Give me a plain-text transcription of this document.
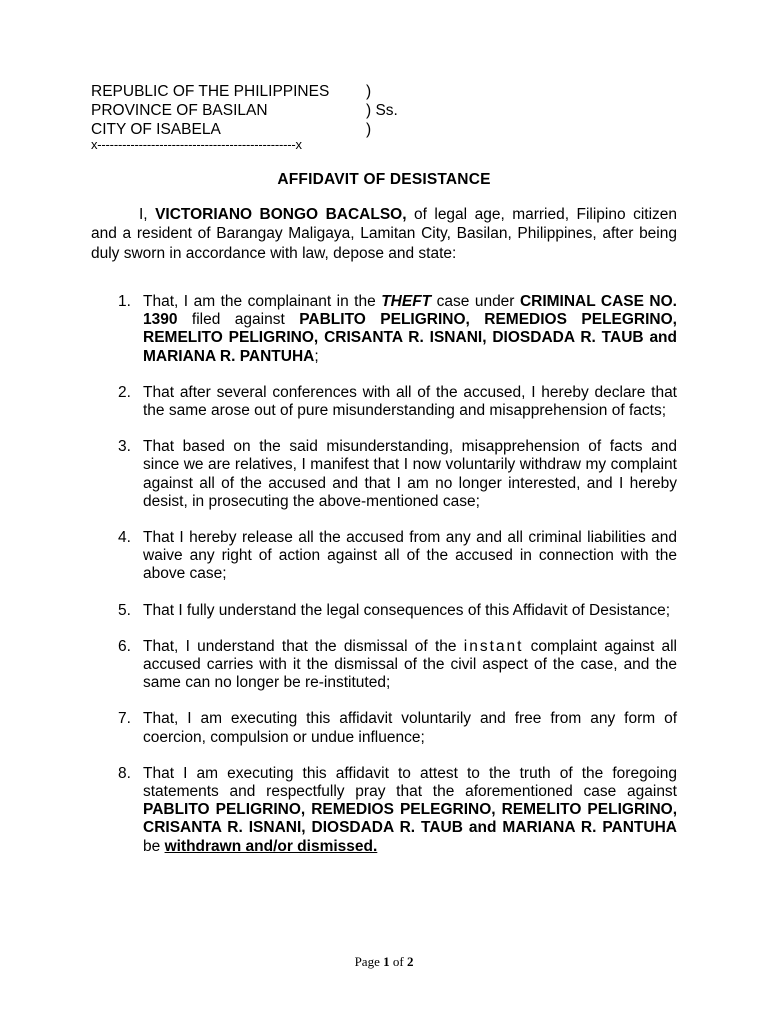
REPUBLIC OF THE PHILIPPINES )
PROVINCE OF BASILAN	) Ss.
CITY OF ISABELA	)
x------------------------------------------------x
AFFIDAVIT OF DESISTANCE

I, VICTORIANO BONGO BACALSO, of legal age, married, Filipino citizen and a resident of Barangay Maligaya, Lamitan City, Basilan, Philippines, after being duly sworn in accordance with law, depose and state:

1. That, I am the complainant in the THEFT case under CRIMINAL CASE NO. 1390 filed against PABLITO PELIGRINO, REMEDIOS PELEGRINO, REMELITO PELIGRINO, CRISANTA R. ISNANI, DIOSDADA R. TAUB and MARIANA R. PANTUHA;

2. That after several conferences with all of the accused, I hereby declare that the same arose out of pure misunderstanding and misapprehension of facts;

3. That based on the said misunderstanding, misapprehension of facts and since we are relatives, I manifest that I now voluntarily withdraw my complaint against all of the accused and that I am no longer interested, and I hereby desist, in prosecuting the above-mentioned case;

4. That I hereby release all the accused from any and all criminal liabilities and waive any right of action against all of the accused in connection with the above case;

5. That I fully understand the legal consequences of this Affidavit of Desistance;

6. That, I understand that the dismissal of the instant complaint against all accused carries with it the dismissal of the civil aspect of the case, and the same can no longer be re-instituted;

7. That, I am executing this affidavit voluntarily and free from any form of coercion, compulsion or undue influence;

8. That I am executing this affidavit to attest to the truth of the foregoing statements and respectfully pray that the aforementioned case against PABLITO PELIGRINO, REMEDIOS PELEGRINO, REMELITO PELIGRINO, CRISANTA R. ISNANI, DIOSDADA R. TAUB and MARIANA R. PANTUHA be withdrawn and/or dismissed.

Page 1 of 2
